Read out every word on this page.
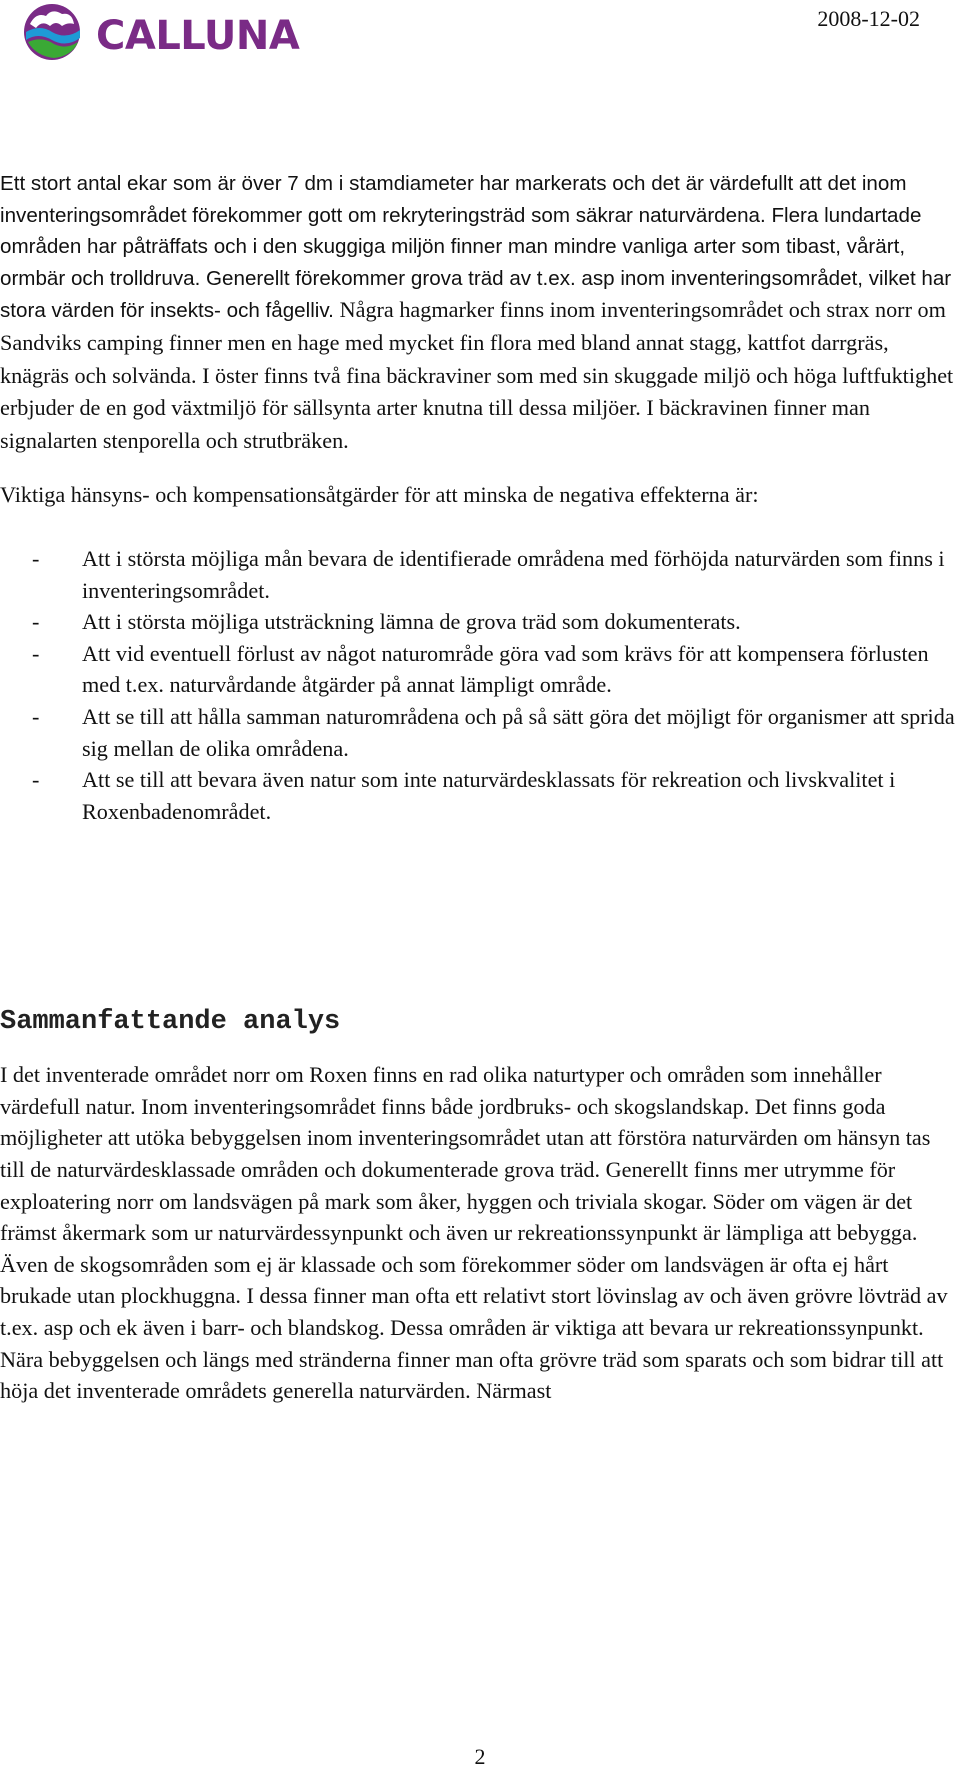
CALLUNA	2008-12-02

Ett stort antal ekar som är över 7 dm i stamdiameter har markerats och det är värdefullt att det inom inventeringsområdet förekommer gott om rekryteringsträd som säkrar naturvärdena. Flera lundartade områden har påträffats och i den skuggiga miljön finner man mindre vanliga arter som tibast, vårärt, ormbär och trolldruva. Generellt förekommer grova träd av t.ex. asp inom inventeringsområdet, vilket har stora värden för insekts- och fågelliv. Några hagmarker finns inom inventeringsområdet och strax norr om Sandviks camping finner men en hage med mycket fin flora med bland annat stagg, kattfot darrgräs, knägräs och solvända. I öster finns två fina bäckraviner som med sin skuggade miljö och höga luftfuktighet erbjuder de en god växtmiljö för sällsynta arter knutna till dessa miljöer. I bäckravinen finner man signalarten stenporella och strutbräken.

Viktiga hänsyns- och kompensationsåtgärder för att minska de negativa effekterna är:

- Att i största möjliga mån bevara de identifierade områdena med förhöjda naturvärden som finns i inventeringsområdet.
- Att i största möjliga utsträckning lämna de grova träd som dokumenterats.
- Att vid eventuell förlust av något naturområde göra vad som krävs för att kompensera förlusten med t.ex. naturvårdande åtgärder på annat lämpligt område.
- Att se till att hålla samman naturområdena och på så sätt göra det möjligt för organismer att sprida sig mellan de olika områdena.
- Att se till att bevara även natur som inte naturvärdesklassats för rekreation och livskvalitet i Roxenbadenområdet.
Sammanfattande analys

I det inventerade området norr om Roxen finns en rad olika naturtyper och områden som innehåller värdefull natur. Inom inventeringsområdet finns både jordbruks- och skogslandskap. Det finns goda möjligheter att utöka bebyggelsen inom inventeringsområdet utan att förstöra naturvärden om hänsyn tas till de naturvärdesklassade områden och dokumenterade grova träd. Generellt finns mer utrymme för exploatering norr om landsvägen på mark som åker, hyggen och triviala skogar. Söder om vägen är det främst åkermark som ur naturvärdessynpunkt och även ur rekreationssynpunkt är lämpliga att bebygga. Även de skogsområden som ej är klassade och som förekommer söder om landsvägen är ofta ej hårt brukade utan plockhuggna. I dessa finner man ofta ett relativt stort lövinslag av och även grövre lövträd av t.ex. asp och ek även i barr- och blandskog. Dessa områden är viktiga att bevara ur rekreationssynpunkt. Nära bebyggelsen och längs med stränderna finner man ofta grövre träd som sparats och som bidrar till att höja det inventerade områdets generella naturvärden. Närmast

2
